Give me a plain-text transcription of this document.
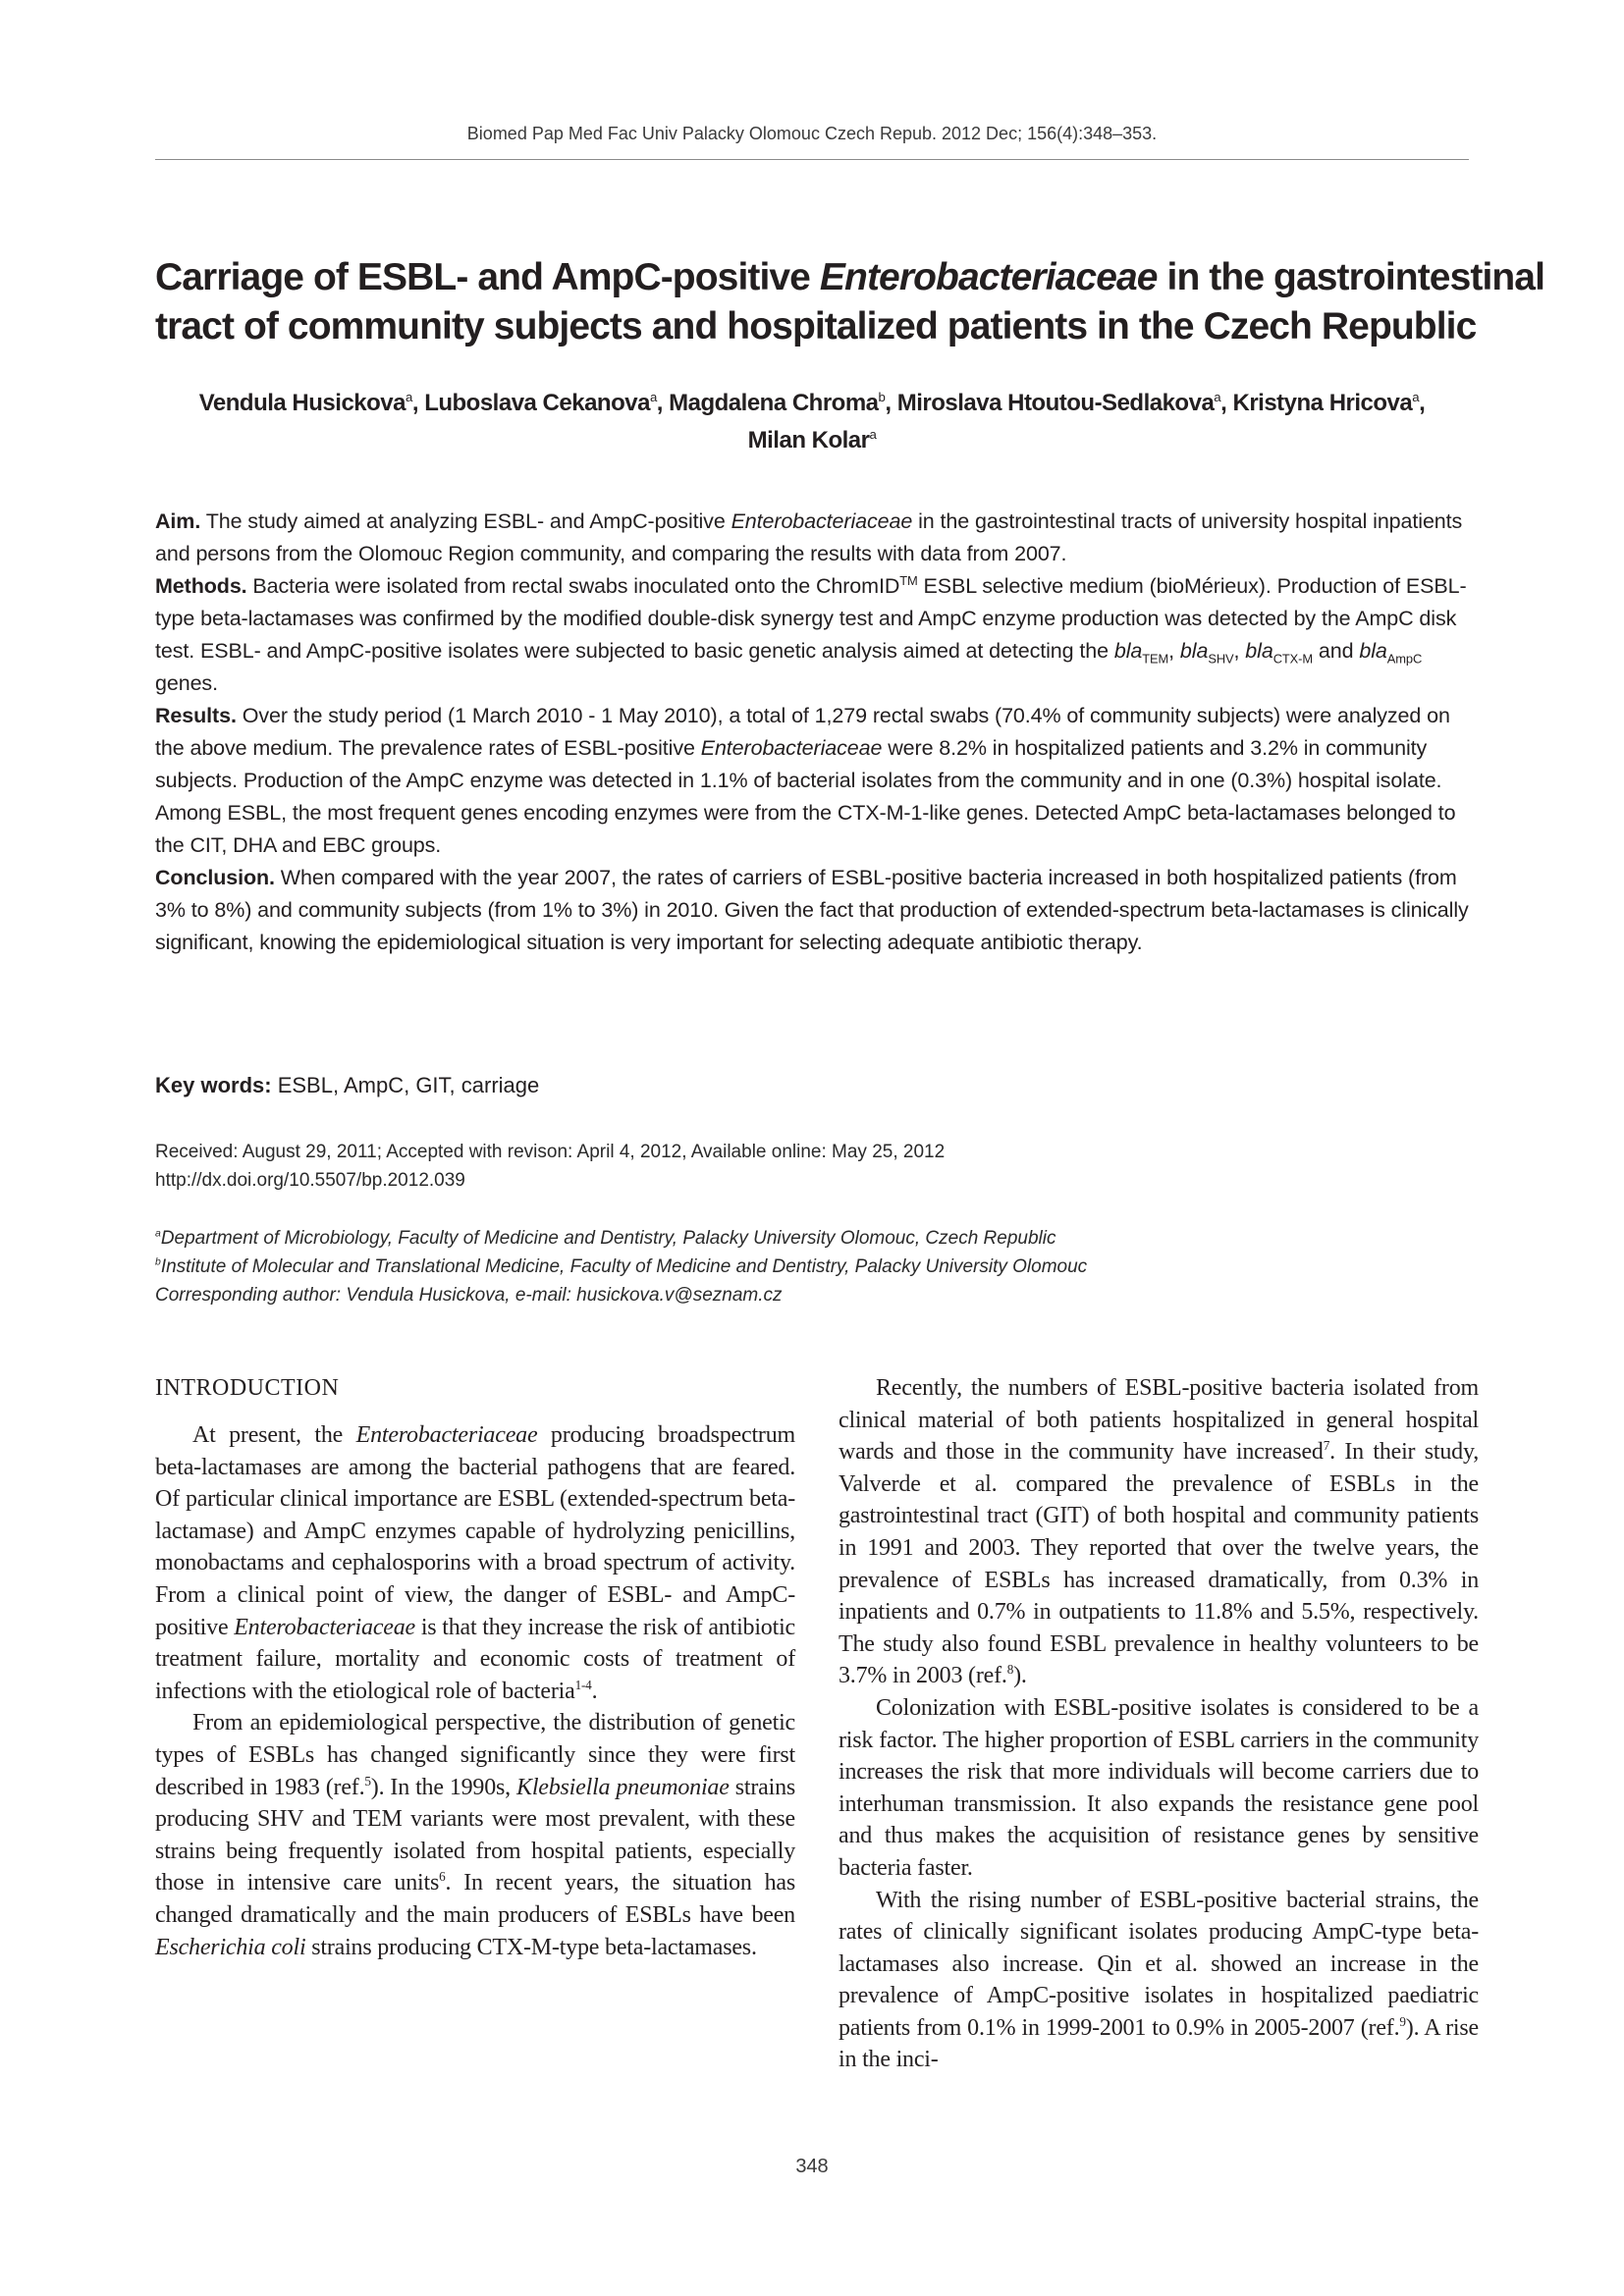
Biomed Pap Med Fac Univ Palacky Olomouc Czech Repub. 2012 Dec; 156(4):348–353.
Carriage of ESBL- and AmpC-positive Enterobacteriaceae in the gastrointestinal
tract of community subjects and hospitalized patients in the Czech Republic
Vendula Husickova$^a$, Luboslava Cekanova$^a$, Magdalena Chroma$^b$, Miroslava Htoutou-Sedlakova$^a$, Kristyna Hricova$^a$,
Milan Kolar$^a$

Aim. The study aimed at analyzing ESBL- and AmpC-positive Enterobacteriaceae in the gastrointestinal tracts of university hospital inpatients and persons from the Olomouc Region community, and comparing the results with data from 2007.

Methods. Bacteria were isolated from rectal swabs inoculated onto the ChromID™ ESBL selective medium (bioMérieux). Production of ESBL-type beta-lactamases was confirmed by the modified double-disk synergy test and AmpC enzyme production was detected by the AmpC disk test. ESBL- and AmpC-positive isolates were subjected to basic genetic analysis aimed at detecting the bla$_{TEM}$, bla$_{SHV}$, bla$_{CTX-M}$ and bla$_{AmpC}$ genes.

Results. Over the study period (1 March 2010 - 1 May 2010), a total of 1,279 rectal swabs (70.4% of community subjects) were analyzed on the above medium. The prevalence rates of ESBL-positive Enterobacteriaceae were 8.2% in hospitalized patients and 3.2% in community subjects. Production of the AmpC enzyme was detected in 1.1% of bacterial isolates from the community and in one (0.3%) hospital isolate. Among ESBL, the most frequent genes encoding enzymes were from the CTX-M-1-like genes. Detected AmpC beta-lactamases belonged to the CIT, DHA and EBC groups.

Conclusion. When compared with the year 2007, the rates of carriers of ESBL-positive bacteria increased in both hospitalized patients (from 3% to 8%) and community subjects (from 1% to 3%) in 2010. Given the fact that production of extended-spectrum beta-lactamases is clinically significant, knowing the epidemiological situation is very important for selecting adequate antibiotic therapy.

Key words: ESBL, AmpC, GIT, carriage
Received: August 29, 2011; Accepted with revison: April 4, 2012, Available online: May 25, 2012
http://dx.doi.org/10.5507/bp.2012.039
$^a$Department of Microbiology, Faculty of Medicine and Dentistry, Palacky University Olomouc, Czech Republic
$^b$Institute of Molecular and Translational Medicine, Faculty of Medicine and Dentistry, Palacky University Olomouc
Corresponding author: Vendula Husickova, e-mail: husickova.v@seznam.cz
INTRODUCTION

At present, the Enterobacteriaceae producing broadspectrum beta-lactamases are among the bacterial pathogens that are feared. Of particular clinical importance are ESBL (extended-spectrum beta-lactamase) and AmpC enzymes capable of hydrolyzing penicillins, monobactams and cephalosporins with a broad spectrum of activity. From a clinical point of view, the danger of ESBL- and AmpC-positive Enterobacteriaceae is that they increase the risk of antibiotic treatment failure, mortality and economic costs of treatment of infections with the etiological role of bacteria$^{1-4}$.

From an epidemiological perspective, the distribution of genetic types of ESBLs has changed significantly since they were first described in 1983 (ref.$^5$). In the 1990s, Klebsiella pneumoniae strains producing SHV and TEM variants were most prevalent, with these strains being frequently isolated from hospital patients, especially those in intensive care units$^6$. In recent years, the situation has changed dramatically and the main producers of ESBLs have been Escherichia coli strains producing CTX-M-type beta-lactamases.

Recently, the numbers of ESBL-positive bacteria isolated from clinical material of both patients hospitalized in general hospital wards and those in the community have increased$^7$. In their study, Valverde et al. compared the prevalence of ESBLs in the gastrointestinal tract (GIT) of both hospital and community patients in 1991 and 2003. They reported that over the twelve years, the prevalence of ESBLs has increased dramatically, from 0.3% in inpatients and 0.7% in outpatients to 11.8% and 5.5%, respectively. The study also found ESBL prevalence in healthy volunteers to be 3.7% in 2003 (ref.$^8$).

Colonization with ESBL-positive isolates is considered to be a risk factor. The higher proportion of ESBL carriers in the community increases the risk that more individuals will become carriers due to interhuman transmission. It also expands the resistance gene pool and thus makes the acquisition of resistance genes by sensitive bacteria faster.

With the rising number of ESBL-positive bacterial strains, the rates of clinically significant isolates producing AmpC-type beta-lactamases also increase. Qin et al. showed an increase in the prevalence of AmpC-positive isolates in hospitalized paediatric patients from 0.1% in 1999-2001 to 0.9% in 2005-2007 (ref.$^9$). A rise in the inci-

348
